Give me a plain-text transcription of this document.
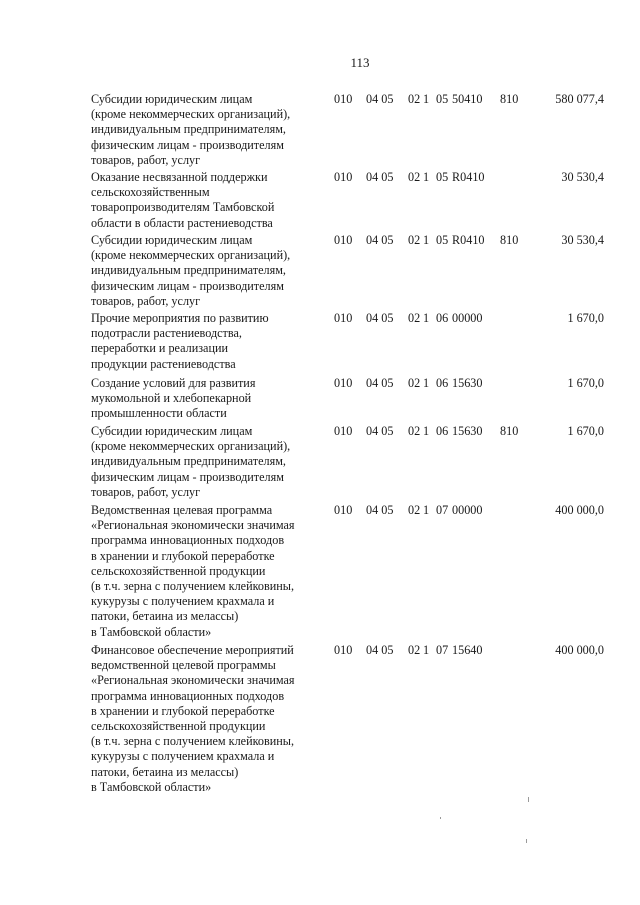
113
Субсидии юридическим лицам
(кроме некоммерческих организаций),
индивидуальным предпринимателям,
физическим лицам - производителям
товаров, работ, услуг
010 04 05 02 1 05 50410 810	580 077,4
Оказание несвязанной поддержки
сельскохозяйственным
товаропроизводителям Тамбовской
области в области растениеводства
010 04 05 02 1 05 R0410	30 530,4
Субсидии юридическим лицам
(кроме некоммерческих организаций),
индивидуальным предпринимателям,
физическим лицам - производителям
товаров, работ, услуг
010 04 05 02 1 05 R0410 810	30 530,4
Прочие мероприятия по развитию
подотрасли растениеводства,
переработки и реализации
продукции растениеводства
010 04 05 02 1 06 00000	1 670,0
Создание условий для развития
мукомольной и хлебопекарной
промышленности области
010 04 05 02 1 06 15630	1 670,0
Субсидии юридическим лицам
(кроме некоммерческих организаций),
индивидуальным предпринимателям,
физическим лицам - производителям
товаров, работ, услуг
010 04 05 02 1 06 15630 810	1 670,0
Ведомственная целевая программа
«Региональная экономически значимая
программа инновационных подходов
в хранении и глубокой переработке
сельскохозяйственной продукции
(в т.ч. зерна с получением клейковины,
кукурузы с получением крахмала и
патоки, бетаина из мелассы)
в Тамбовской области»
010 04 05 02 1 07 00000	400 000,0
Финансовое обеспечение мероприятий
ведомственной целевой программы
«Региональная экономически значимая
программа инновационных подходов
в хранении и глубокой переработке
сельскохозяйственной продукции
(в т.ч. зерна с получением клейковины,
кукурузы с получением крахмала и
патоки, бетаина из мелассы)
в Тамбовской области»
010 04 05 02 1 07 15640	400 000,0
